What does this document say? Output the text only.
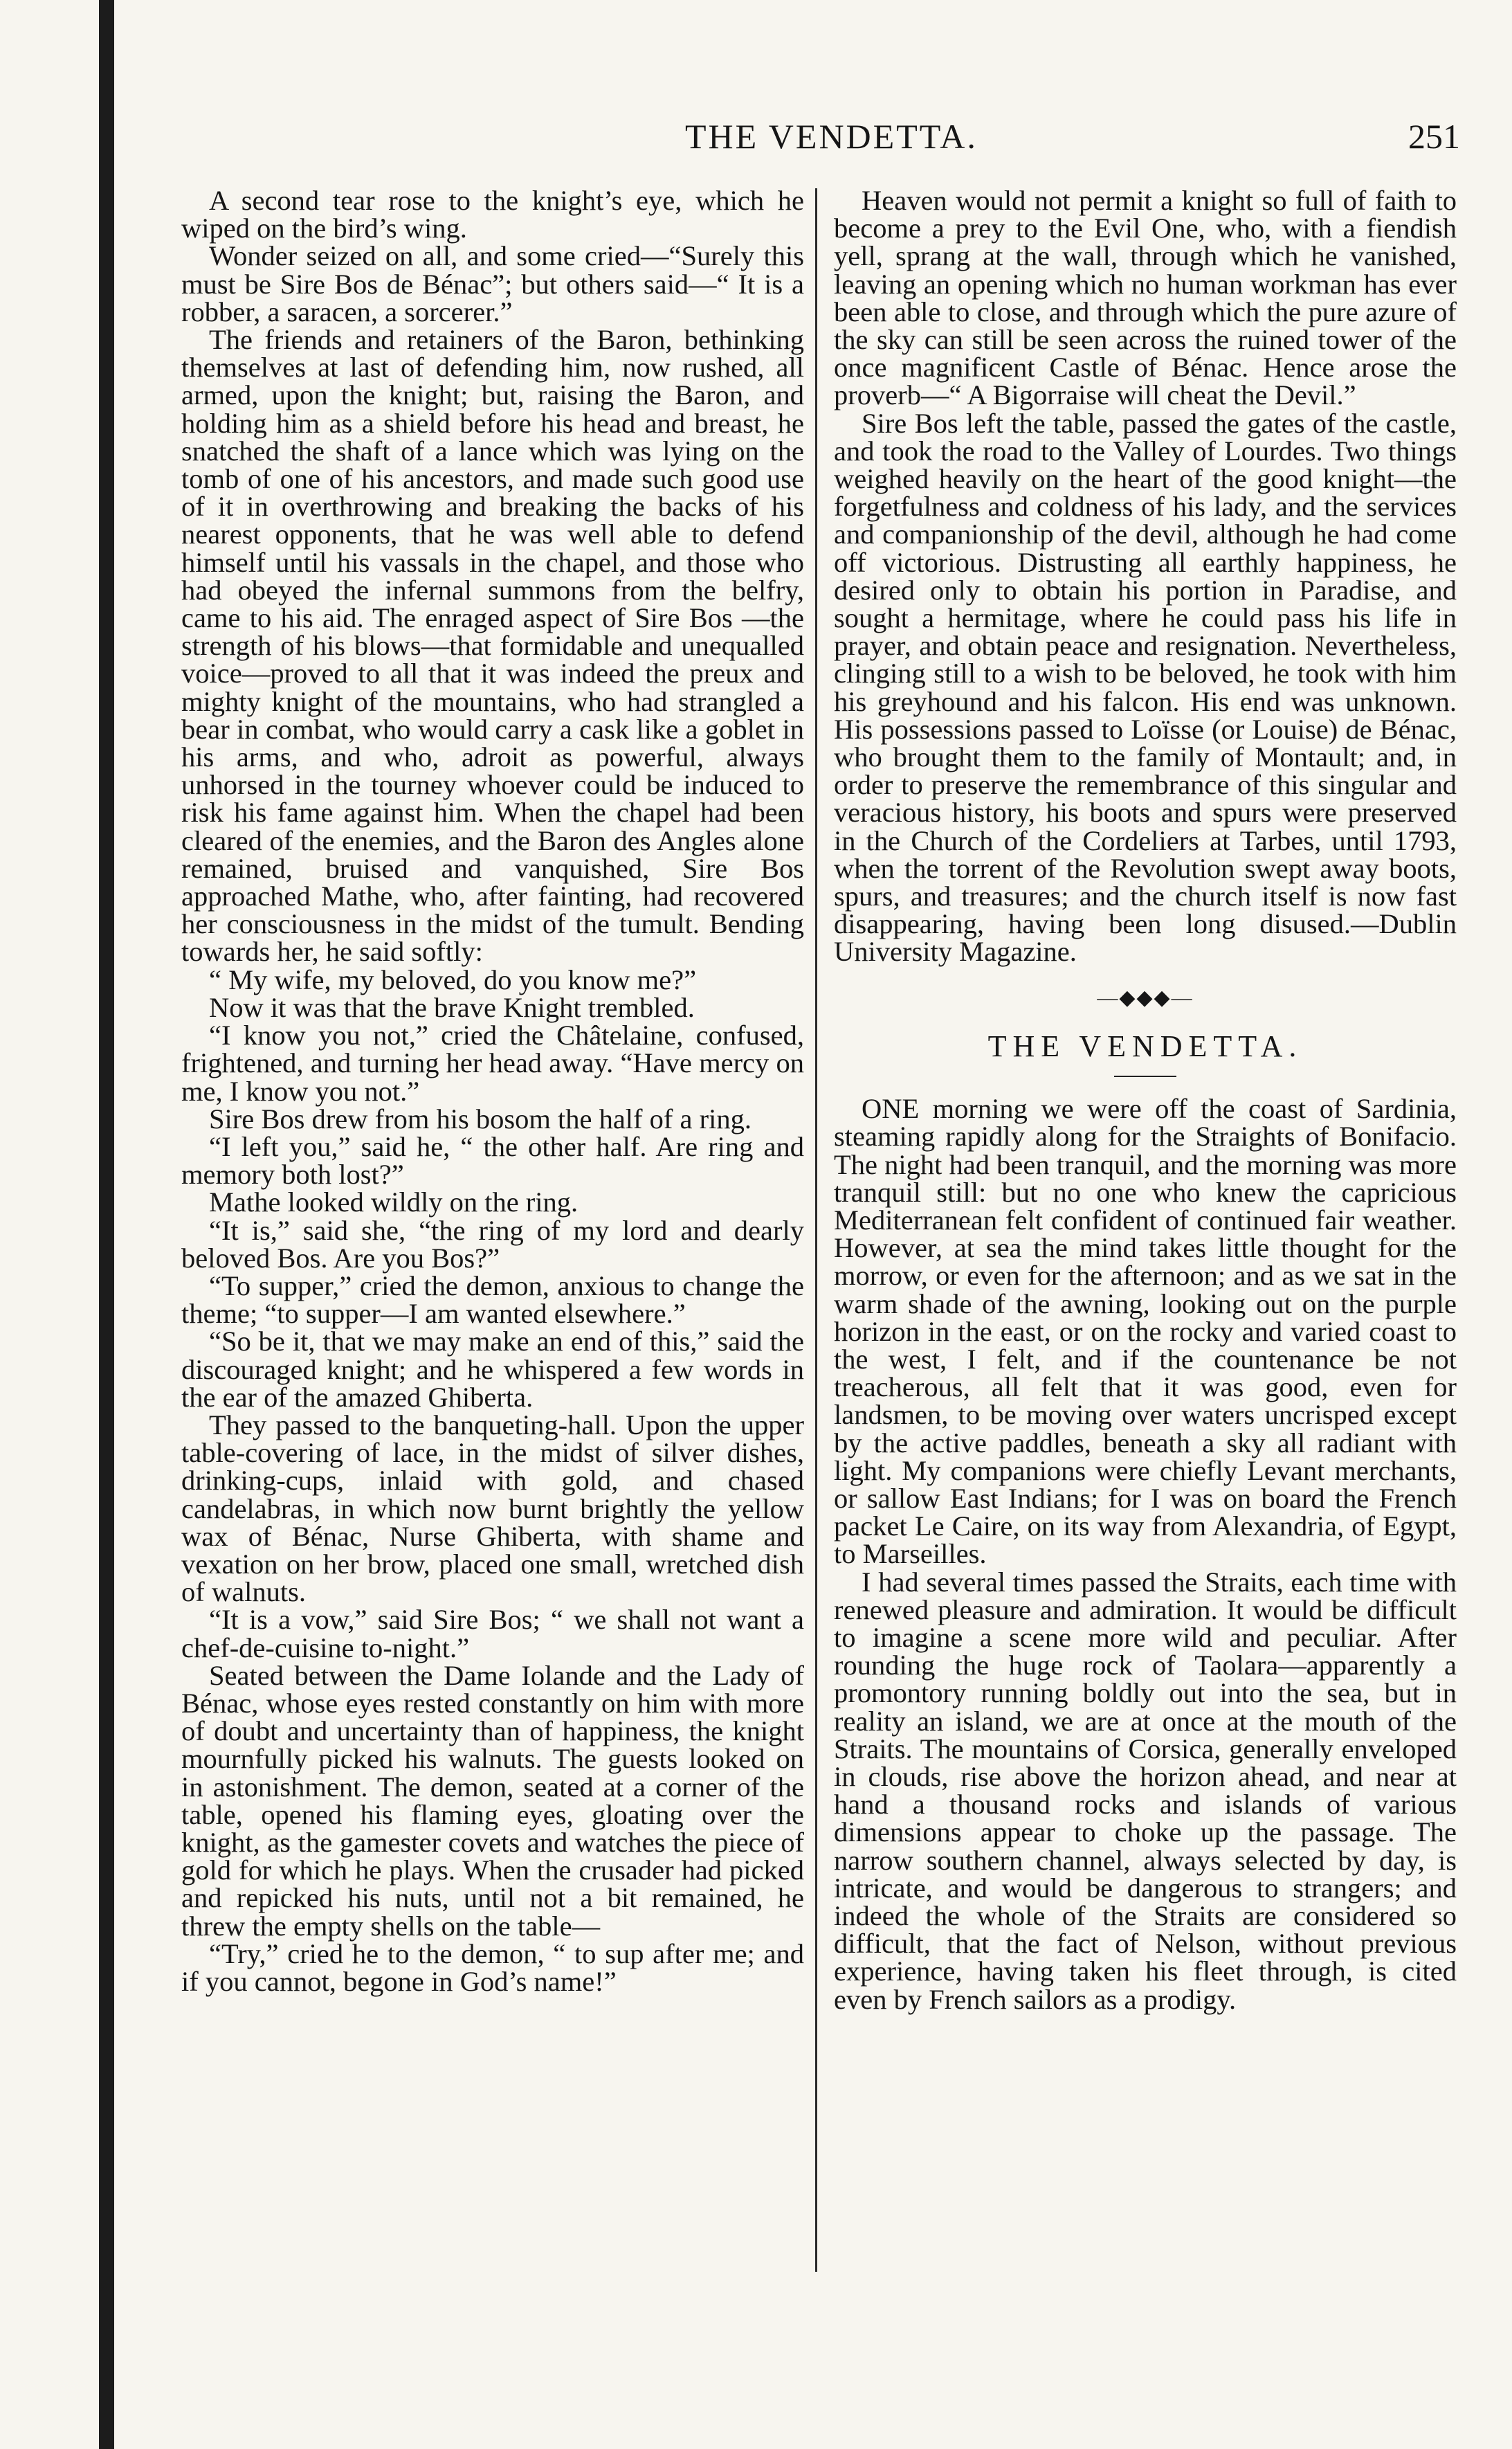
THE VENDETTA.	251

A second tear rose to the knight’s eye, which he wiped on the bird’s wing.

Wonder seized on all, and some cried—“Surely this must be Sire Bos de Bénac”; but others said—“ It is a robber, a saracen, a sorcerer.”

The friends and retainers of the Baron, bethinking themselves at last of defending him, now rushed, all armed, upon the knight; but, raising the Baron, and holding him as a shield before his head and breast, he snatched the shaft of a lance which was lying on the tomb of one of his ancestors, and made such good use of it in overthrowing and breaking the backs of his nearest opponents, that he was well able to defend himself until his vassals in the chapel, and those who had obeyed the infernal summons from the belfry, came to his aid. The enraged aspect of Sire Bos —the strength of his blows—that formidable and unequalled voice—proved to all that it was indeed the preux and mighty knight of the mountains, who had strangled a bear in combat, who would carry a cask like a goblet in his arms, and who, adroit as powerful, always unhorsed in the tourney whoever could be induced to risk his fame against him. When the chapel had been cleared of the enemies, and the Baron des Angles alone remained, bruised and vanquished, Sire Bos approached Mathe, who, after fainting, had recovered her consciousness in the midst of the tumult. Bending towards her, he said softly:

“ My wife, my beloved, do you know me?”

Now it was that the brave Knight trembled.

“I know you not,” cried the Châtelaine, confused, frightened, and turning her head away. “Have mercy on me, I know you not.”

Sire Bos drew from his bosom the half of a ring.

“I left you,” said he, “ the other half. Are ring and memory both lost?”

Mathe looked wildly on the ring.

“It is,” said she, “the ring of my lord and dearly beloved Bos. Are you Bos?”

“To supper,” cried the demon, anxious to change the theme; “to supper—I am wanted elsewhere.”

“So be it, that we may make an end of this,” said the discouraged knight; and he whispered a few words in the ear of the amazed Ghiberta.

They passed to the banqueting-hall. Upon the upper table-covering of lace, in the midst of silver dishes, drinking-cups, inlaid with gold, and chased candelabras, in which now burnt brightly the yellow wax of Bénac, Nurse Ghiberta, with shame and vexation on her brow, placed one small, wretched dish of walnuts.

“It is a vow,” said Sire Bos; “ we shall not want a chef-de-cuisine to-night.”

Seated between the Dame Iolande and the Lady of Bénac, whose eyes rested constantly on him with more of doubt and uncertainty than of happiness, the knight mournfully picked his walnuts. The guests looked on in astonishment. The demon, seated at a corner of the table, opened his flaming eyes, gloating over the knight, as the gamester covets and watches the piece of gold for which he plays. When the crusader had picked and repicked his nuts, until not a bit remained, he threw the empty shells on the table—

“Try,” cried he to the demon, “ to sup after me; and if you cannot, begone in God’s name!”

Heaven would not permit a knight so full of faith to become a prey to the Evil One, who, with a fiendish yell, sprang at the wall, through which he vanished, leaving an opening which no human workman has ever been able to close, and through which the pure azure of the sky can still be seen across the ruined tower of the once magnificent Castle of Bénac. Hence arose the proverb—“ A Bigorraise will cheat the Devil.”

Sire Bos left the table, passed the gates of the castle, and took the road to the Valley of Lourdes. Two things weighed heavily on the heart of the good knight—the forgetfulness and coldness of his lady, and the services and companionship of the devil, although he had come off victorious. Distrusting all earthly happiness, he desired only to obtain his portion in Paradise, and sought a hermitage, where he could pass his life in prayer, and obtain peace and resignation. Nevertheless, clinging still to a wish to be beloved, he took with him his greyhound and his falcon. His end was unknown. His possessions passed to Loïsse (or Louise) de Bénac, who brought them to the family of Montault; and, in order to preserve the remembrance of this singular and veracious history, his boots and spurs were preserved in the Church of the Cordeliers at Tarbes, until 1793, when the torrent of the Revolution swept away boots, spurs, and treasures; and the church itself is now fast disappearing, having been long disused.—Dublin University Magazine.

—◆◆◆—

THE VENDETTA.

ONE morning we were off the coast of Sardinia, steaming rapidly along for the Straights of Bonifacio. The night had been tranquil, and the morning was more tranquil still: but no one who knew the capricious Mediterranean felt confident of continued fair weather. However, at sea the mind takes little thought for the morrow, or even for the afternoon; and as we sat in the warm shade of the awning, looking out on the purple horizon in the east, or on the rocky and varied coast to the west, I felt, and if the countenance be not treacherous, all felt that it was good, even for landsmen, to be moving over waters uncrisped except by the active paddles, beneath a sky all radiant with light. My companions were chiefly Levant merchants, or sallow East Indians; for I was on board the French packet Le Caire, on its way from Alexandria, of Egypt, to Marseilles.

I had several times passed the Straits, each time with renewed pleasure and admiration. It would be difficult to imagine a scene more wild and peculiar. After rounding the huge rock of Taolara—apparently a promontory running boldly out into the sea, but in reality an island, we are at once at the mouth of the Straits. The mountains of Corsica, generally enveloped in clouds, rise above the horizon ahead, and near at hand a thousand rocks and islands of various dimensions appear to choke up the passage. The narrow southern channel, always selected by day, is intricate, and would be dangerous to strangers; and indeed the whole of the Straits are considered so difficult, that the fact of Nelson, without previous experience, having taken his fleet through, is cited even by French sailors as a prodigy.
